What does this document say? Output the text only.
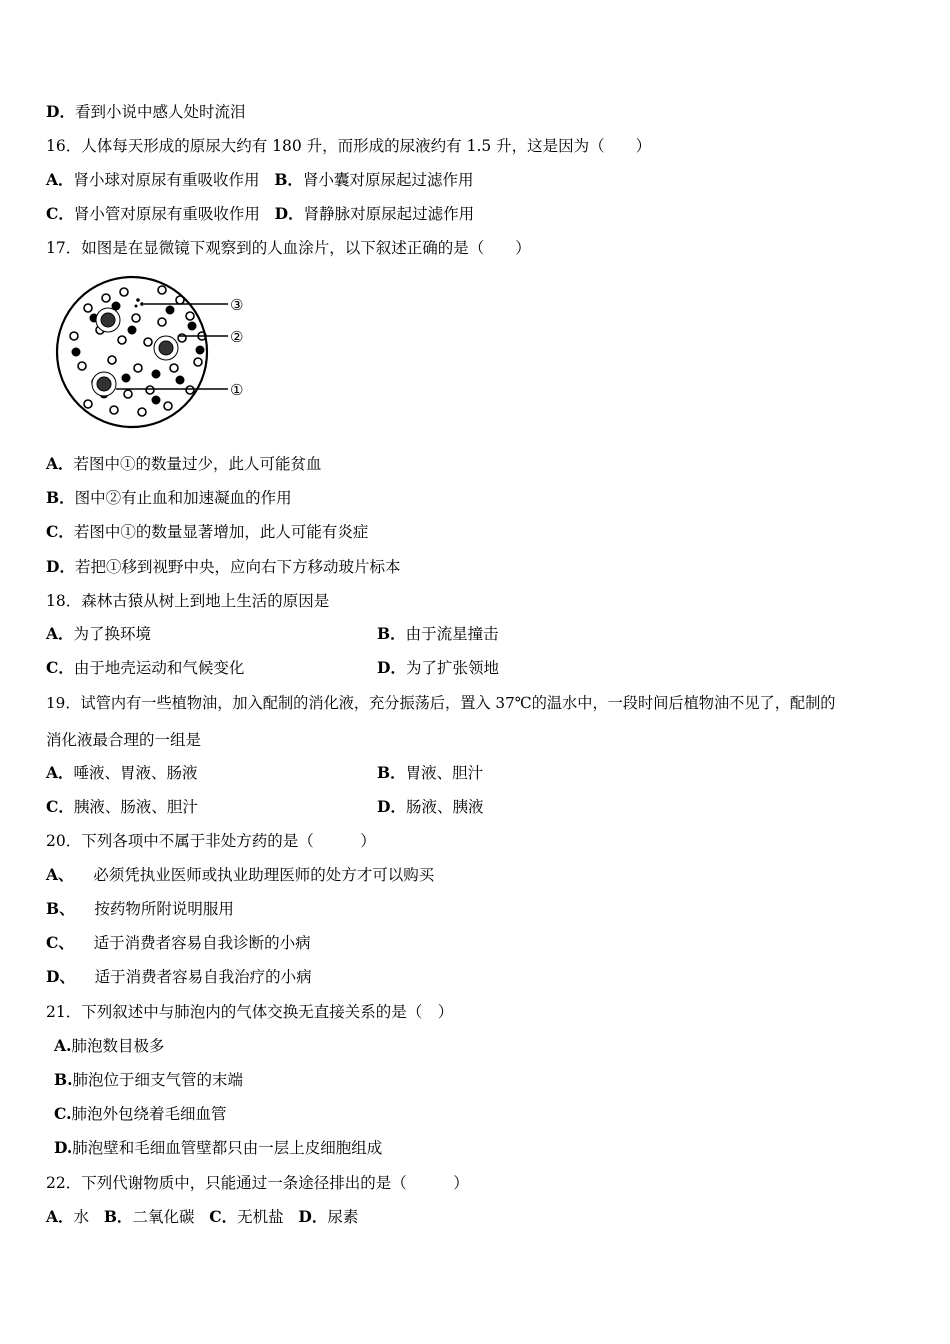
D．看到小说中感人处时流泪
16．人体每天形成的原尿大约有 180 升，而形成的尿液约有 1.5 升，这是因为（　　）
A．肾小球对原尿有重吸收作用 B．肾小囊对原尿起过滤作用
C．肾小管对原尿有重吸收作用 D．肾静脉对原尿起过滤作用
17．如图是在显微镜下观察到的人血涂片，以下叙述正确的是（　　）
③
②
①
A．若图中①的数量过少，此人可能贫血
B．图中②有止血和加速凝血的作用
C．若图中①的数量显著增加，此人可能有炎症
D．若把①移到视野中央，应向右下方移动玻片标本
18．森林古猿从树上到地上生活的原因是
A．为了换环境	B．由于流星撞击
C．由于地壳运动和气候变化	D．为了扩张领地
19．试管内有一些植物油，加入配制的消化液，充分振荡后，置入 37℃的温水中，一段时间后植物油不见了，配制的
消化液最合理的一组是
A．唾液、胃液、肠液	B．胃液、胆汁
C．胰液、肠液、胆汁	D．肠液、胰液
20．下列各项中不属于非处方药的是（　　　）
A、 必须凭执业医师或执业助理医师的处方才可以购买
B、 按药物所附说明服用
C、 适于消费者容易自我诊断的小病
D、 适于消费者容易自我治疗的小病
21．下列叙述中与肺泡内的气体交换无直接关系的是（　）
A.肺泡数目极多
B.肺泡位于细支气管的末端
C.肺泡外包绕着毛细血管
D.肺泡壁和毛细血管壁都只由一层上皮细胞组成
22．下列代谢物质中，只能通过一条途径排出的是（　　　）
A．水 B．二氧化碳 C．无机盐 D．尿素
